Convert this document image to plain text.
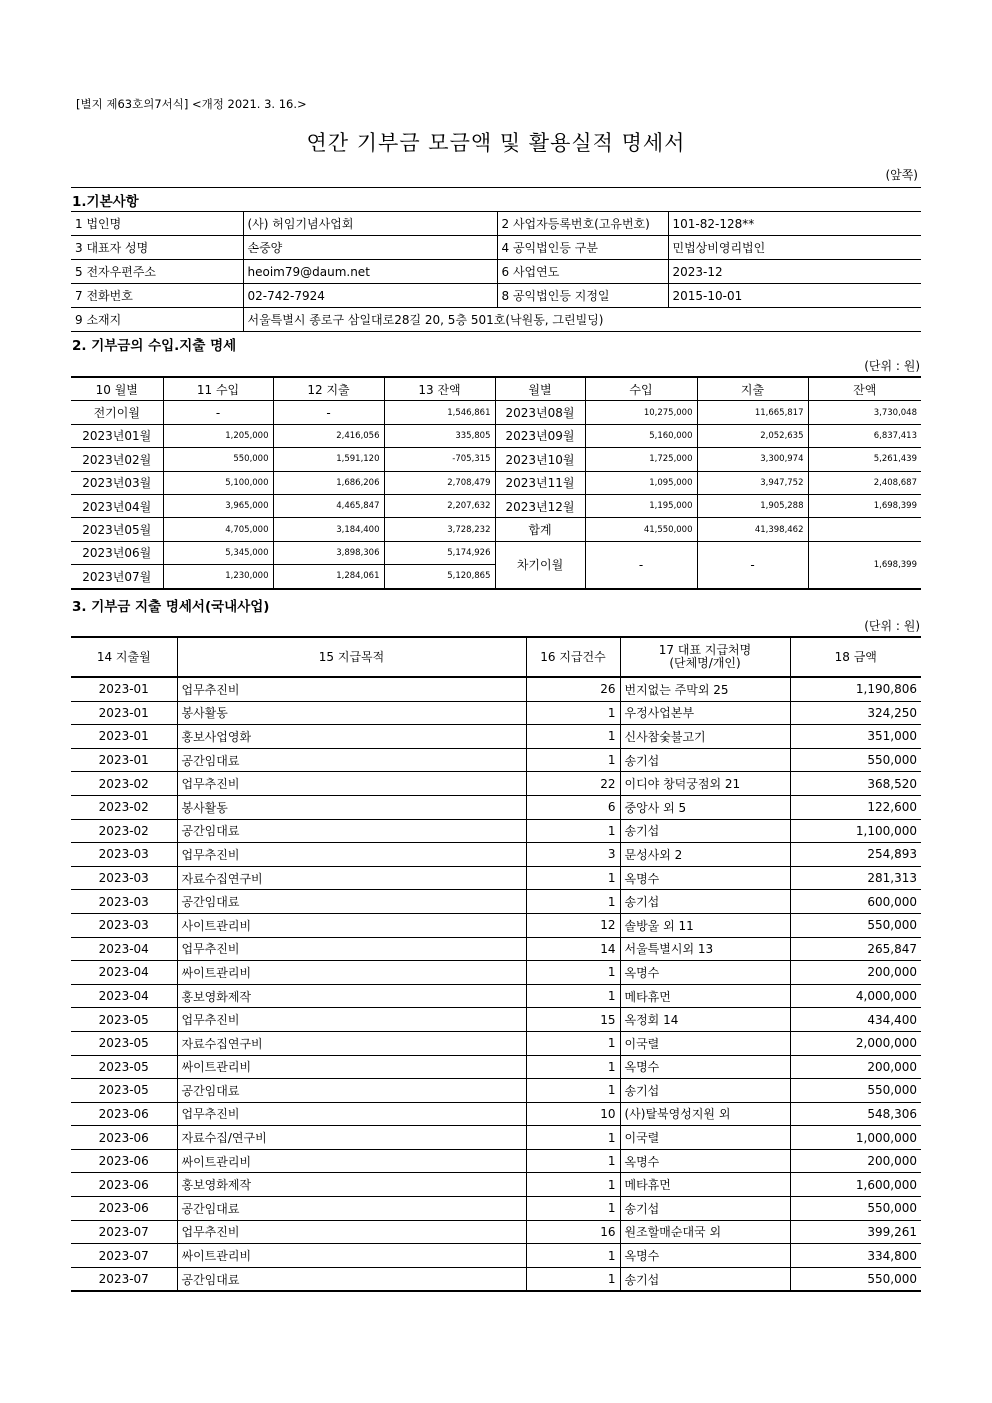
[별지 제63호의7서식] <개정 2021. 3. 16.>
연간 기부금 모금액 및 활용실적 명세서
(앞쪽)
1.기본사항
1 법인명	(사) 허임기념사업회	2 사업자등록번호(고유번호)	101-82-128**
3 대표자 성명	손중양	4 공익법인등 구분	민법상비영리법인
5 전자우편주소	heoim79@daum.net	6 사업연도	2023-12
7 전화번호	02-742-7924	8 공익법인등 지정일	2015-10-01
9 소재지	서울특별시 종로구 삼일대로28길 20, 5층 501호(낙원동, 그린빌딩)		
2. 기부금의 수입.지출 명세
(단위 : 원)
10 월별	11 수입	12 지출	13 잔액	월별	수입	지출	잔액
전기이월	-	-	1,546,861	2023년08월	10,275,000	11,665,817	3,730,048
2023년01월	1,205,000	2,416,056	335,805	2023년09월	5,160,000	2,052,635	6,837,413
2023년02월	550,000	1,591,120	-705,315	2023년10월	1,725,000	3,300,974	5,261,439
2023년03월	5,100,000	1,686,206	2,708,479	2023년11월	1,095,000	3,947,752	2,408,687
2023년04월	3,965,000	4,465,847	2,207,632	2023년12월	1,195,000	1,905,288	1,698,399
2023년05월	4,705,000	3,184,400	3,728,232	합계	41,550,000	41,398,462	
2023년06월	5,345,000	3,898,306	5,174,926	차기이월	-	-	1,698,399
2023년07월	1,230,000	1,284,061	5,120,865				
3. 기부금 지출 명세서(국내사업)
(단위 : 원)
14 지출월	15 지급목적	16 지급건수	17 대표 지급처명
(단체명/개인)	18 금액
2023-01	업무추진비	26	번지없는 주막외 25	1,190,806
2023-01	봉사활동	1	우정사업본부	324,250
2023-01	홍보사업영화	1	신사참숯불고기	351,000
2023-01	공간임대료	1	송기섭	550,000
2023-02	업무추진비	22	이디야 창덕궁점외 21	368,520
2023-02	봉사활동	6	중앙사 외 5	122,600
2023-02	공간임대료	1	송기섭	1,100,000
2023-03	업무추진비	3	문성사외 2	254,893
2023-03	자료수집연구비	1	옥명수	281,313
2023-03	공간임대료	1	송기섭	600,000
2023-03	사이트관리비	12	솔방울 외 11	550,000
2023-04	업무추진비	14	서울특별시외 13	265,847
2023-04	싸이트관리비	1	옥명수	200,000
2023-04	홍보영화제작	1	메타휴먼	4,000,000
2023-05	업무추진비	15	옥정회 14	434,400
2023-05	자료수집연구비	1	이국렬	2,000,000
2023-05	싸이트관리비	1	옥명수	200,000
2023-05	공간임대료	1	송기섭	550,000
2023-06	업무추진비	10	(사)탈북영성지원 외	548,306
2023-06	자료수집/연구비	1	이국렬	1,000,000
2023-06	싸이트관리비	1	옥명수	200,000
2023-06	홍보영화제작	1	메타휴먼	1,600,000
2023-06	공간임대료	1	송기섭	550,000
2023-07	업무추진비	16	원조할매순대국 외	399,261
2023-07	싸이트관리비	1	옥명수	334,800
2023-07	공간임대료	1	송기섭	550,000
